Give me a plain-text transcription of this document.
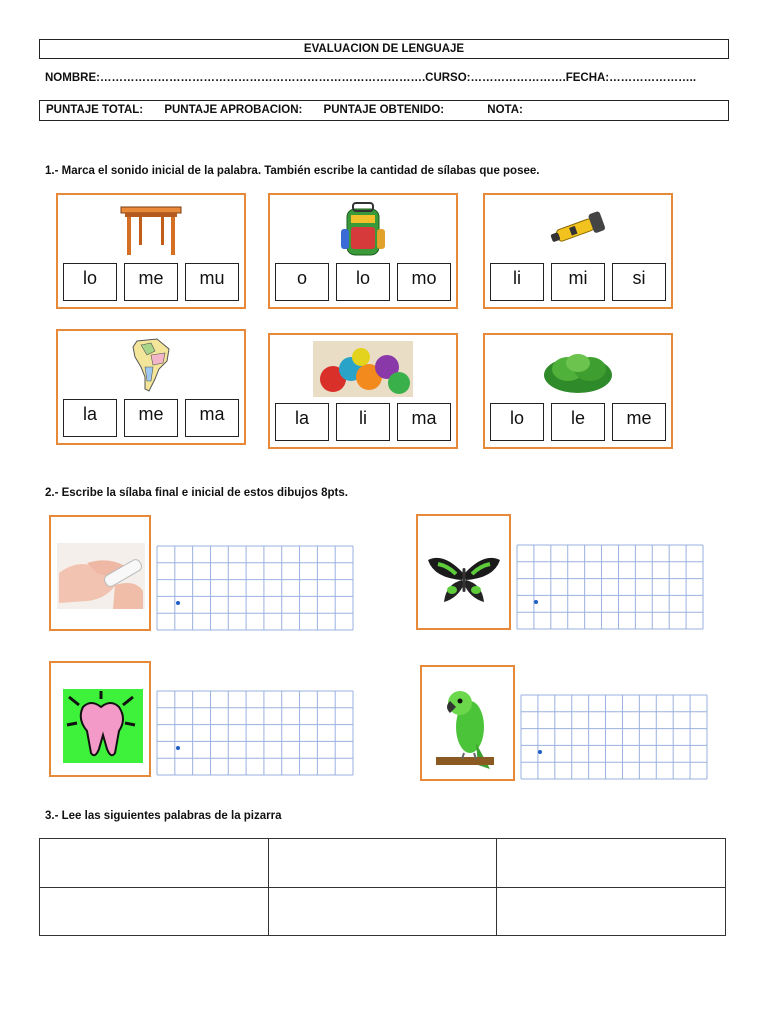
EVALUACION DE LENGUAJE
NOMBRE:………………………………………………………………………….CURSO:…………………….FECHA:…………………..
PUNTAJE TOTAL: PUNTAJE APROBACION: PUNTAJE OBTENIDO:	NOTA:
1.- Marca el sonido inicial de la palabra. También escribe la cantidad de sílabas que posee.
lo	me	mu	o	lo	mo	li	mi	si
la	me	ma	la	li	ma	lo	le	me
2.- Escribe la sílaba final e inicial de estos dibujos 8pts.
3.- Lee las siguientes palabras de la pizarra
